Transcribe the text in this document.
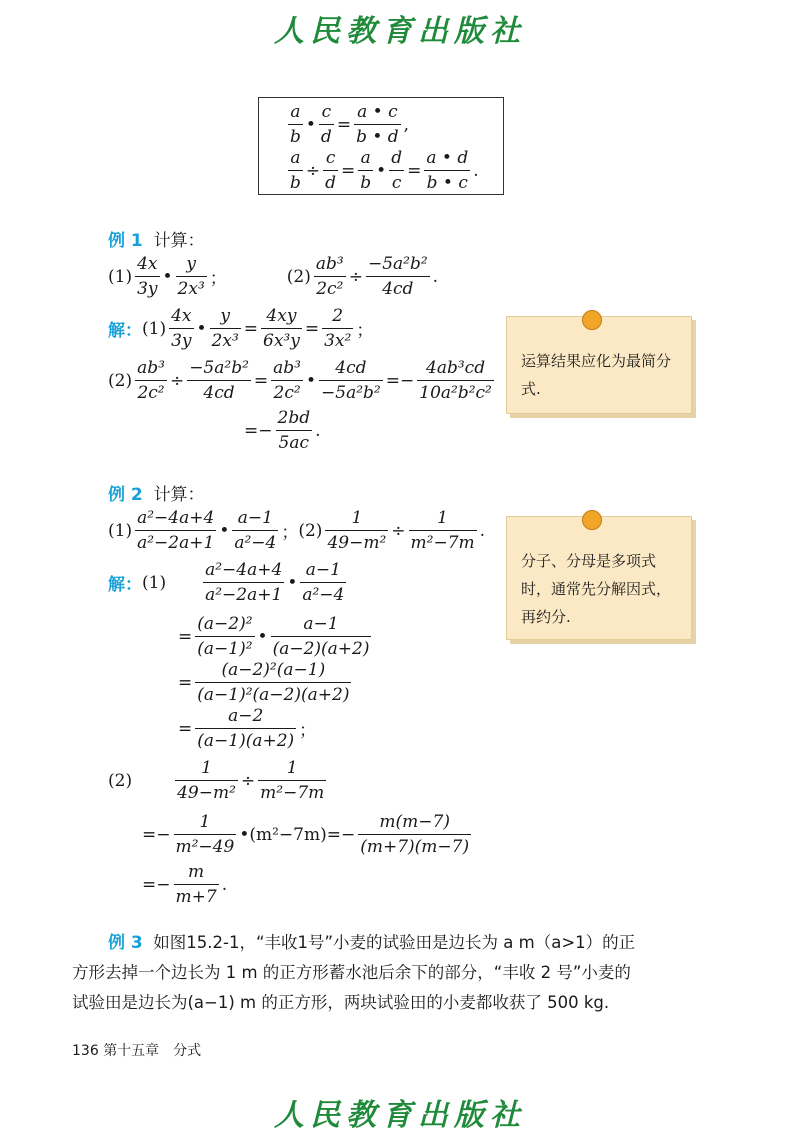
人民教育出版社
a
b
•
c
d
=
a • c
b • d
,
a
b
÷
c
d
=
a
b
•
d
c
=
a • d
b • c
.
例 1
计算：
(1)
4x
3y
•
y
2x³ ；	(2)
ab³
2c²
÷
−5a²b²
4cd
.
解： (1)
4x
3y
•
y
2x³
=
4xy
6x³y
=
2
3x² ；
(2)
ab³
2c²
÷
−5a²b²
4cd
=
ab³
2c²
•
4cd
−5a²b²
=−
4ab³cd
10a²b²c²
=−
2bd
5ac
.
运算结果应化为最简分式.
例 2
计算：
(1)
a²−4a+4
a²−2a+1
•
a−1
a²−4 ； (2)
1
49−m²
÷
1
m²−7m
.
解： (1)
a²−4a+4
a²−2a+1
•
a−1
a²−4
=
(a−2)²
(a−1)²
•
a−1
(a−2)(a+2)
=
(a−2)²(a−1)
(a−1)²(a−2)(a+2)
=
a−2
(a−1)(a+2) ；
分子、分母是多项式时，通常先分解因式，再约分.
(2)
1
49−m²
÷
1
m²−7m
=−
1
m²−49
• (m²−7m) =−
m(m−7)
(m+7)(m−7)
=−
m
m+7
.
例 3 如图15.2-1，“丰收1号”小麦的试验田是边长为 a m（a>1）的正
方形去掉一个边长为 1 m 的正方形蓄水池后余下的部分，“丰收 2 号”小麦的
试验田是边长为(a−1) m 的正方形，两块试验田的小麦都收获了 500 kg.
136 第十五章　分式
人民教育出版社
